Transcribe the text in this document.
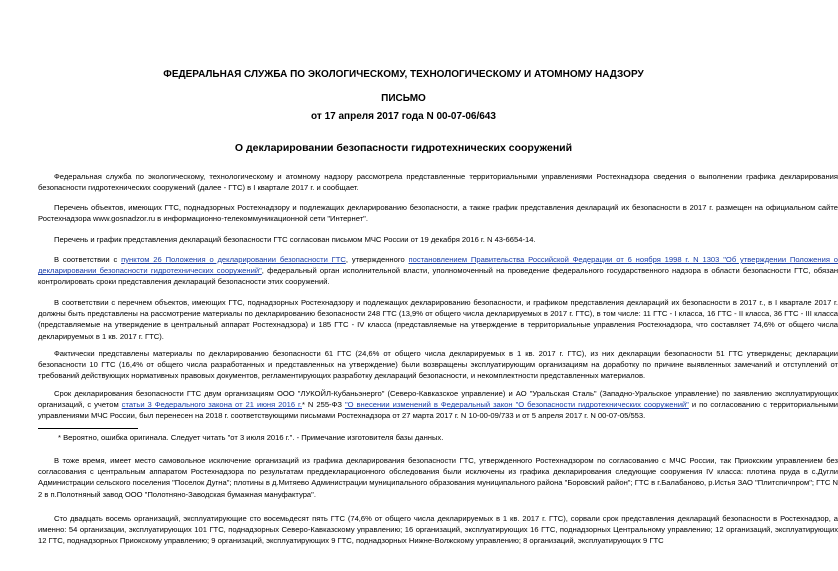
ФЕДЕРАЛЬНАЯ СЛУЖБА ПО ЭКОЛОГИЧЕСКОМУ, ТЕХНОЛОГИЧЕСКОМУ И АТОМНОМУ НАДЗОРУ
ПИСЬМО
от 17 апреля 2017 года N 00-07-06/643
О декларировании безопасности гидротехнических сооружений
Федеральная служба по экологическому, технологическому и атомному надзору рассмотрела представленные территориальными управлениями Ростехнадзора сведения о выполнении графика декларирования безопасности гидротехнических сооружений (далее - ГТС) в I квартале 2017 г. и сообщает.
Перечень объектов, имеющих ГТС, поднадзорных Ростехнадзору и подлежащих декларированию безопасности, а также график представления деклараций их безопасности в 2017 г. размещен на официальном сайте Ростехнадзора www.gosnadzor.ru в информационно-телекоммуникационной сети "Интернет".
Перечень и график представления деклараций безопасности ГТС согласован письмом МЧС России от 19 декабря 2016 г. N 43-6654-14.
В соответствии с пунктом 26 Положения о декларировании безопасности ГТС, утвержденного постановлением Правительства Российской Федерации от 6 ноября 1998 г. N 1303 "Об утверждении Положения о декларировании безопасности гидротехнических сооружений", федеральный орган исполнительной власти, уполномоченный на проведение федерального государственного надзора в области безопасности ГТС, обязан контролировать сроки представления деклараций безопасности этих сооружений.
В соответствии с перечнем объектов, имеющих ГТС, поднадзорных Ростехнадзору и подлежащих декларированию безопасности, и графиком представления деклараций их безопасности в 2017 г., в I квартале 2017 г. должны быть представлены на рассмотрение материалы по декларированию безопасности 248 ГТС (13,9% от общего числа декларируемых в 2017 г. ГТС), в том числе: 11 ГТС - I класса, 16 ГТС - II класса, 36 ГТС - III класса (представляемые на утверждение в центральный аппарат Ростехнадзора) и 185 ГТС - IV класса (представляемые на утверждение в территориальные управления Ростехнадзора, что составляет 74,6% от общего числа декларируемых в 1 кв. 2017 г. ГТС).
Фактически представлены материалы по декларированию безопасности 61 ГТС (24,6% от общего числа декларируемых в 1 кв. 2017 г. ГТС), из них декларации безопасности 51 ГТС утверждены; декларации безопасности 10 ГТС (16,4% от общего числа разработанных и представленных на утверждение) были возвращены эксплуатирующим организациям на доработку по причине выявленных замечаний и отступлений от требований действующих нормативных правовых документов, регламентирующих разработку деклараций безопасности, и некомплектности представленных материалов.
Срок декларирования безопасности ГТС двум организациям ООО "ЛУКОЙЛ-Кубаньэнерго" (Северо-Кавказское управление) и АО "Уральская Сталь" (Западно-Уральское управление) по заявлению эксплуатирующих организаций, с учетом статьи 3 Федерального закона от 21 июня 2016 г.* N 255-ФЗ "О внесении изменений в Федеральный закон "О безопасности гидротехнических сооружений" и по согласованию с территориальными управлениями МЧС России, был перенесен на 2018 г. соответствующими письмами Ростехнадзора от 27 марта 2017 г. N 10-00-09/733 и от 5 апреля 2017 г. N 00-07-05/553.
* Вероятно, ошибка оригинала. Следует читать "от 3 июля 2016 г.". - Примечание изготовителя базы данных.
В тоже время, имеет место самовольное исключение организаций из графика декларирования безопасности ГТС, утвержденного Ростехнадзором по согласованию с МЧС России, так Приокским управлением без согласования с центральным аппаратом Ростехнадзора по результатам преддекларационного обследования были исключены из графика декларирования следующие сооружения IV класса: плотина пруда в с.Дугли Администрации сельского поселения "Поселок Дугна"; плотины в д.Митяево Администрации муниципального образования муниципального района "Боровский район"; ГТС в г.Балабаново, р.Истья ЗАО "Плитспичпром"; ГТС N 2 в п.Полотняный завод ООО "Полотняно-Заводская бумажная мануфактура".
Сто двадцать восемь организаций, эксплуатирующие сто восемьдесят пять ГТС (74,6% от общего числа декларируемых в 1 кв. 2017 г. ГТС), сорвали срок представления деклараций безопасности в Ростехнадзор, а именно: 54 организации, эксплуатирующих 101 ГТС, поднадзорных Северо-Кавказскому управлению; 16 организаций, эксплуатирующих 16 ГТС, поднадзорных Центральному управлению; 12 организаций, эксплуатирующих 12 ГТС, поднадзорных Приокскому управлению; 9 организаций, эксплуатирующих 9 ГТС, поднадзорных Нижне-Волжскому управлению; 8 организаций, эксплуатирующих 9 ГТС
